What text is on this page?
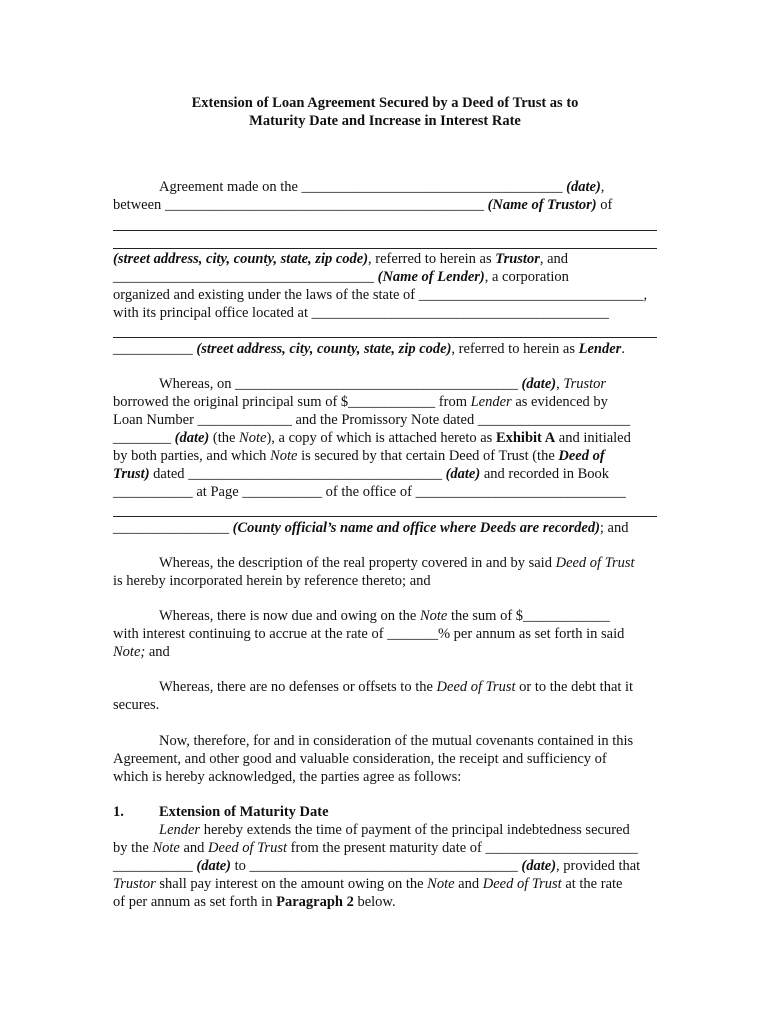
Extension of Loan Agreement Secured by a Deed of Trust as to
Maturity Date and Increase in Interest Rate
Agreement made on the ____________________________________ (date),
between ____________________________________________ (Name of Trustor) of
(street address, city, county, state, zip code), referred to herein as Trustor, and
____________________________________ (Name of Lender), a corporation
organized and existing under the laws of the state of _______________________________,
with its principal office located at _________________________________________
___________ (street address, city, county, state, zip code), referred to herein as Lender.
Whereas, on _______________________________________ (date), Trustor
borrowed the original principal sum of $____________ from Lender as evidenced by
Loan Number _____________ and the Promissory Note dated _____________________
________ (date) (the Note), a copy of which is attached hereto as Exhibit A and initialed
by both parties, and which Note is secured by that certain Deed of Trust (the Deed of
Trust) dated ___________________________________ (date) and recorded in Book
___________ at Page ___________ of the office of _____________________________
________________ (County official’s name and office where Deeds are recorded); and
Whereas, the description of the real property covered in and by said Deed of Trust
is hereby incorporated herein by reference thereto; and
Whereas, there is now due and owing on the Note the sum of $____________
with interest continuing to accrue at the rate of _______% per annum as set forth in said
Note; and
Whereas, there are no defenses or offsets to the Deed of Trust or to the debt that it
secures.
Now, therefore, for and in consideration of the mutual covenants contained in this
Agreement, and other good and valuable consideration, the receipt and sufficiency of
which is hereby acknowledged, the parties agree as follows:
1. Extension of Maturity Date
Lender hereby extends the time of payment of the principal indebtedness secured
by the Note and Deed of Trust from the present maturity date of _____________________
___________ (date) to _____________________________________ (date), provided that
Trustor shall pay interest on the amount owing on the Note and Deed of Trust at the rate
of per annum as set forth in Paragraph 2 below.
